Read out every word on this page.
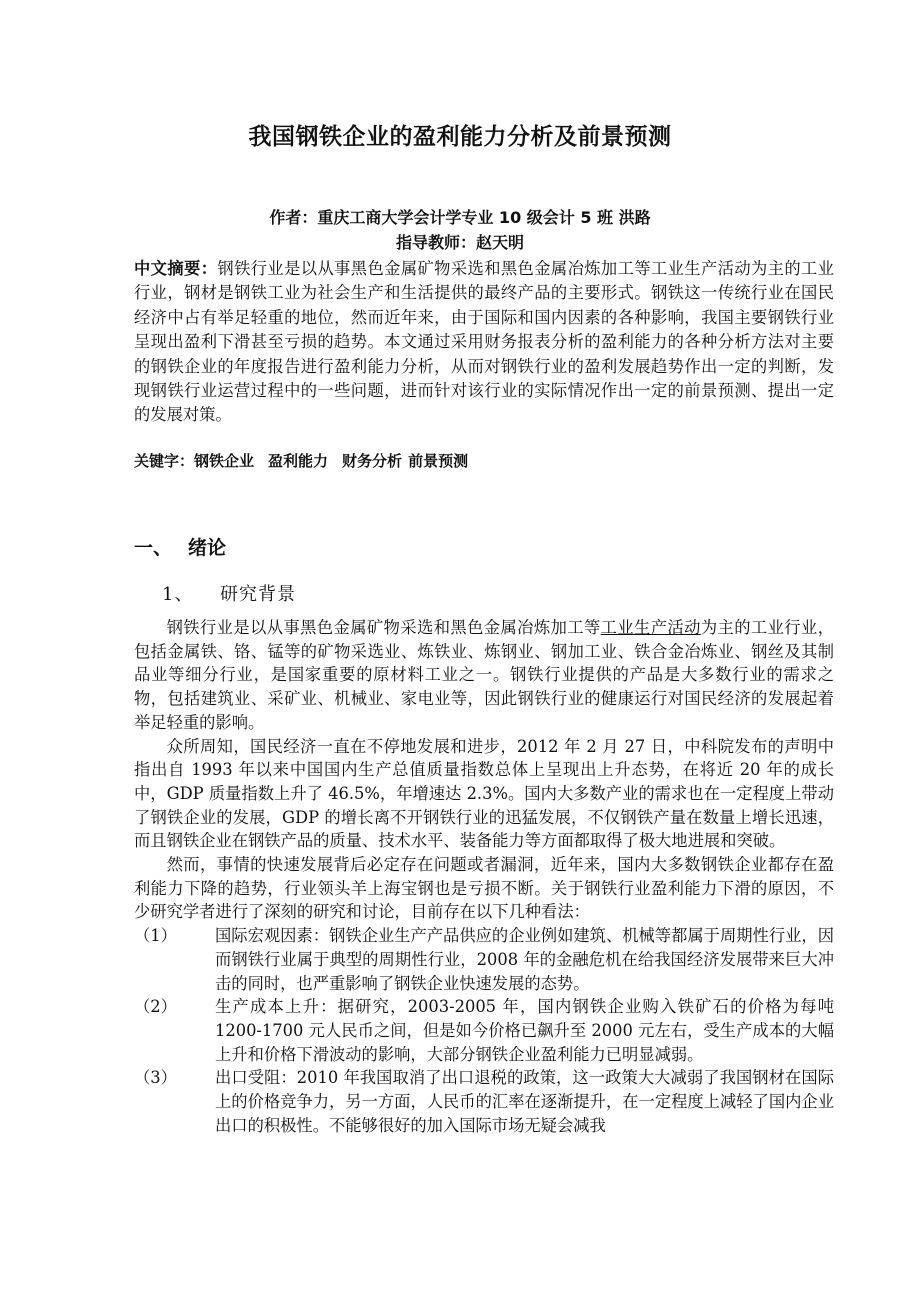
我国钢铁企业的盈利能力分析及前景预测
作者：重庆工商大学会计学专业 10 级会计 5 班 洪路
指导教师：赵天明
中文摘要：钢铁行业是以从事黑色金属矿物采选和黑色金属冶炼加工等工业生产活动为主的工业行业，钢材是钢铁工业为社会生产和生活提供的最终产品的主要形式。钢铁这一传统行业在国民经济中占有举足轻重的地位，然而近年来，由于国际和国内因素的各种影响，我国主要钢铁行业呈现出盈利下滑甚至亏损的趋势。本文通过采用财务报表分析的盈利能力的各种分析方法对主要的钢铁企业的年度报告进行盈利能力分析，从而对钢铁行业的盈利发展趋势作出一定的判断，发现钢铁行业运营过程中的一些问题，进而针对该行业的实际情况作出一定的前景预测、提出一定的发展对策。
关键字：钢铁企业 盈利能力 财务分析 前景预测
一、 绪论
1、 研究背景

钢铁行业是以从事黑色金属矿物采选和黑色金属冶炼加工等工业生产活动为主的工业行业，包括金属铁、铬、锰等的矿物采选业、炼铁业、炼钢业、钢加工业、铁合金冶炼业、钢丝及其制品业等细分行业，是国家重要的原材料工业之一。钢铁行业提供的产品是大多数行业的需求之物，包括建筑业、采矿业、机械业、家电业等，因此钢铁行业的健康运行对国民经济的发展起着举足轻重的影响。

众所周知，国民经济一直在不停地发展和进步，2012 年 2 月 27 日，中科院发布的声明中指出自 1993 年以来中国国内生产总值质量指数总体上呈现出上升态势，在将近 20 年的成长中，GDP 质量指数上升了 46.5%，年增速达 2.3%。国内大多数产业的需求也在一定程度上带动了钢铁企业的发展，GDP 的增长离不开钢铁行业的迅猛发展，不仅钢铁产量在数量上增长迅速，而且钢铁企业在钢铁产品的质量、技术水平、装备能力等方面都取得了极大地进展和突破。

然而，事情的快速发展背后必定存在问题或者漏洞，近年来，国内大多数钢铁企业都存在盈利能力下降的趋势，行业领头羊上海宝钢也是亏损不断。关于钢铁行业盈利能力下滑的原因，不少研究学者进行了深刻的研究和讨论，目前存在以下几种看法：

（1）	国际宏观因素：钢铁企业生产产品供应的企业例如建筑、机械等都属于周期性行业，因而钢铁行业属于典型的周期性行业，2008 年的金融危机在给我国经济发展带来巨大冲击的同时，也严重影响了钢铁企业快速发展的态势。
（2）	生产成本上升：据研究，2003-2005 年，国内钢铁企业购入铁矿石的价格为每吨 1200-1700 元人民币之间，但是如今价格已飙升至 2000 元左右，受生产成本的大幅上升和价格下滑波动的影响，大部分钢铁企业盈利能力已明显减弱。
（3）	出口受阻：2010 年我国取消了出口退税的政策，这一政策大大减弱了我国钢材在国际上的价格竞争力，另一方面，人民币的汇率在逐渐提升，在一定程度上减轻了国内企业出口的积极性。不能够很好的加入国际市场无疑会减我
